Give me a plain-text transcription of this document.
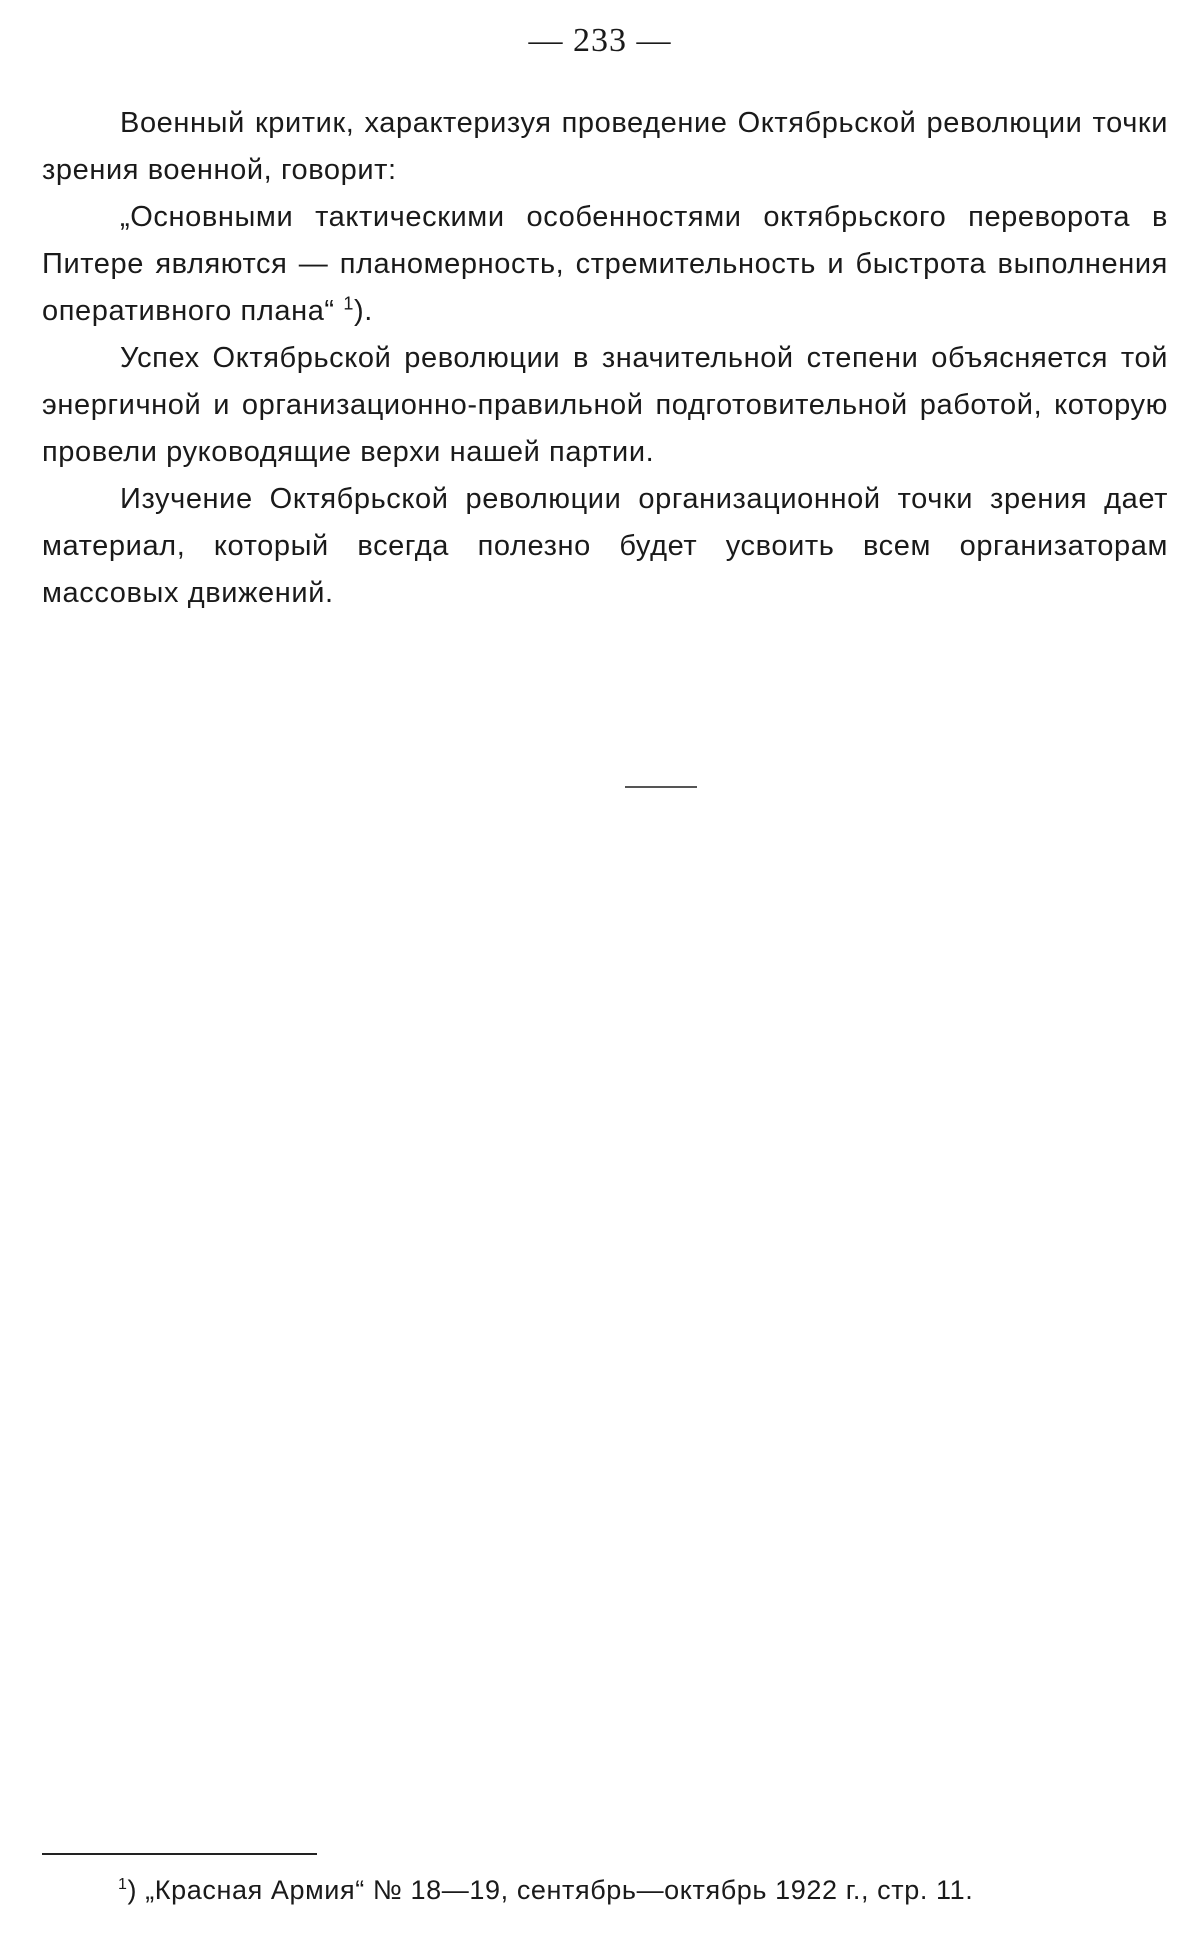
— 233 —

Военный критик, характеризуя проведение Октябрьской революции точки зрения военной, говорит:

„Основными тактическими особенностями октябрьского переворота в Питере являются — планомерность, стремительность и быстрота выполнения оперативного плана“ $^1$).

Успех Октябрьской революции в значительной степени объясняется той энергичной и организационно-правильной подготовительной работой, которую провели руководящие верхи нашей партии.

Изучение Октябрьской революции организационной точки зрения дает материал, который всегда полезно будет усвоить всем организаторам массовых движений.

$^1$) „Красная Армия“ № 18—19, сентябрь—октябрь 1922 г., стр. 11.
